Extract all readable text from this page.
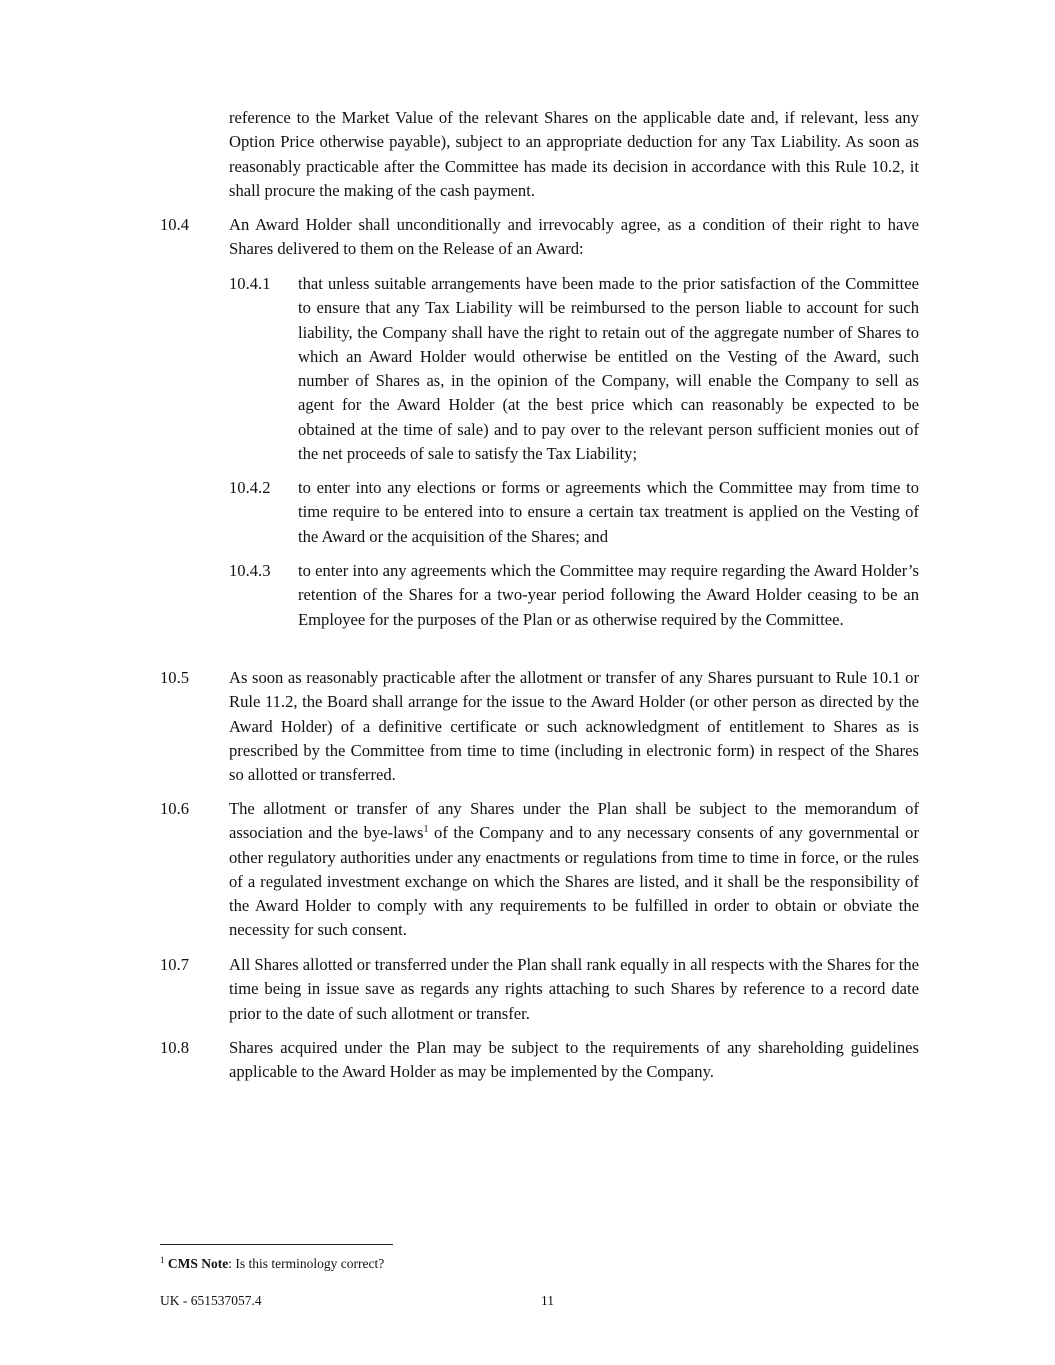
reference to the Market Value of the relevant Shares on the applicable date and, if relevant, less any Option Price otherwise payable), subject to an appropriate deduction for any Tax Liability. As soon as reasonably practicable after the Committee has made its decision in accordance with this Rule 10.2, it shall procure the making of the cash payment.

10.4 An Award Holder shall unconditionally and irrevocably agree, as a condition of their right to have Shares delivered to them on the Release of an Award:

10.4.1 that unless suitable arrangements have been made to the prior satisfaction of the Committee to ensure that any Tax Liability will be reimbursed to the person liable to account for such liability, the Company shall have the right to retain out of the aggregate number of Shares to which an Award Holder would otherwise be entitled on the Vesting of the Award, such number of Shares as, in the opinion of the Company, will enable the Company to sell as agent for the Award Holder (at the best price which can reasonably be expected to be obtained at the time of sale) and to pay over to the relevant person sufficient monies out of the net proceeds of sale to satisfy the Tax Liability;

10.4.2 to enter into any elections or forms or agreements which the Committee may from time to time require to be entered into to ensure a certain tax treatment is applied on the Vesting of the Award or the acquisition of the Shares; and

10.4.3 to enter into any agreements which the Committee may require regarding the Award Holder’s retention of the Shares for a two-year period following the Award Holder ceasing to be an Employee for the purposes of the Plan or as otherwise required by the Committee.

10.5 As soon as reasonably practicable after the allotment or transfer of any Shares pursuant to Rule 10.1 or Rule 11.2, the Board shall arrange for the issue to the Award Holder (or other person as directed by the Award Holder) of a definitive certificate or such acknowledgment of entitlement to Shares as is prescribed by the Committee from time to time (including in electronic form) in respect of the Shares so allotted or transferred.

10.6 The allotment or transfer of any Shares under the Plan shall be subject to the memorandum of association and the bye-laws$^1$ of the Company and to any necessary consents of any governmental or other regulatory authorities under any enactments or regulations from time to time in force, or the rules of a regulated investment exchange on which the Shares are listed, and it shall be the responsibility of the Award Holder to comply with any requirements to be fulfilled in order to obtain or obviate the necessity for such consent.

10.7 All Shares allotted or transferred under the Plan shall rank equally in all respects with the Shares for the time being in issue save as regards any rights attaching to such Shares by reference to a record date prior to the date of such allotment or transfer.

10.8 Shares acquired under the Plan may be subject to the requirements of any shareholding guidelines applicable to the Award Holder as may be implemented by the Company.

$^1$ CMS Note: Is this terminology correct?

UK - 651537057.4	11
